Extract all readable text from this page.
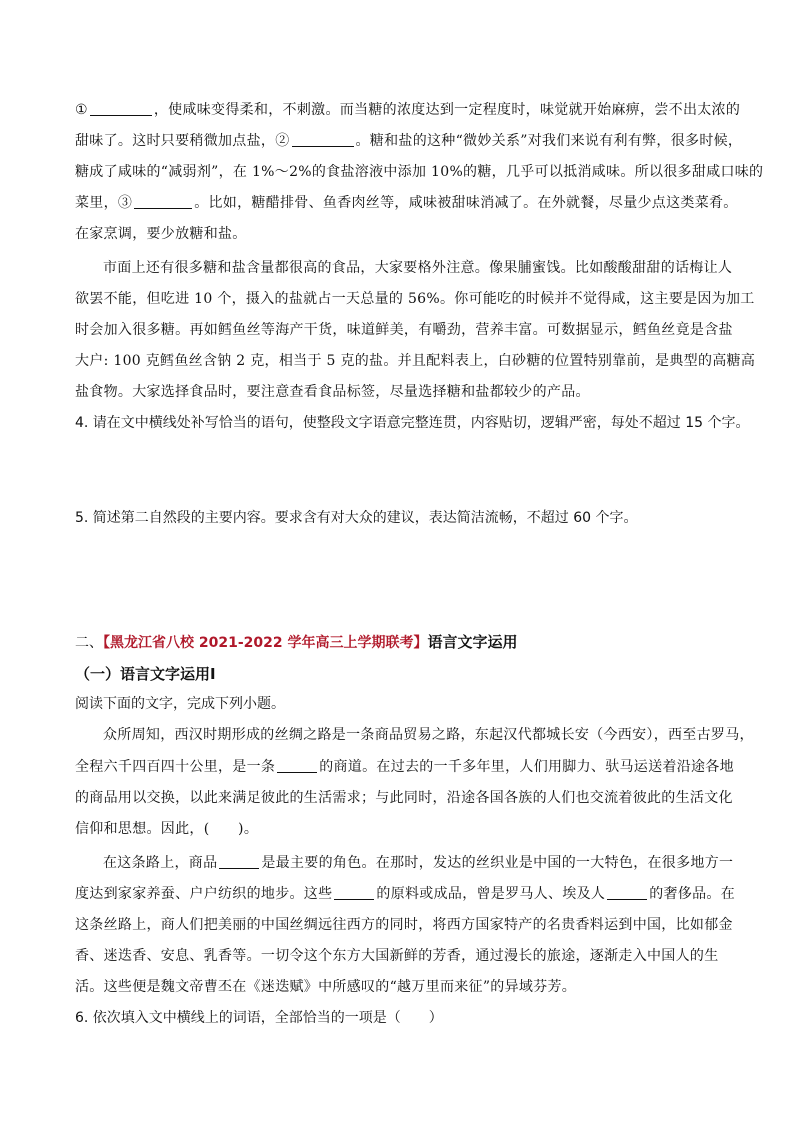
①	，使咸味变得柔和，不刺激。而当糖的浓度达到一定程度时，味觉就开始麻痹，尝不出太浓的
甜味了。这时只要稍微加点盐，②	。糖和盐的这种“微妙关系”对我们来说有利有弊，很多时候，
糖成了咸味的“减弱剂”，在 1%～2%的食盐溶液中添加 10%的糖，几乎可以抵消咸味。所以很多甜咸口味的
菜里，③	。比如，糖醋排骨、鱼香肉丝等，咸味被甜味消减了。在外就餐，尽量少点这类菜肴。
在家烹调，要少放糖和盐。
市面上还有很多糖和盐含量都很高的食品，大家要格外注意。像果脯蜜饯。比如酸酸甜甜的话梅让人
欲罢不能，但吃进 10 个，摄入的盐就占一天总量的 56%。你可能吃的时候并不觉得咸，这主要是因为加工
时会加入很多糖。再如鳕鱼丝等海产干货，味道鲜美，有嚼劲，营养丰富。可数据显示，鳕鱼丝竟是含盐
大户: 100 克鳕鱼丝含钠 2 克，相当于 5 克的盐。并且配料表上，白砂糖的位置特别靠前，是典型的高糖高
盐食物。大家选择食品时，要注意查看食品标签，尽量选择糖和盐都较少的产品。
4. 请在文中横线处补写恰当的语句，使整段文字语意完整连贯，内容贴切，逻辑严密，每处不超过 15 个字。
5. 简述第二自然段的主要内容。要求含有对大众的建议，表达简洁流畅，不超过 60 个字。
二、【黑龙江省八校 2021-2022 学年高三上学期联考】语言文字运用
（一）语言文字运用Ⅰ
阅读下面的文字，完成下列小题。
众所周知，西汉时期形成的丝绸之路是一条商品贸易之路，东起汉代都城长安（今西安），西至古罗马，
全程六千四百四十公里，是一条	的商道。在过去的一千多年里，人们用脚力、驮马运送着沿途各地
的商品用以交换，以此来满足彼此的生活需求；与此同时，沿途各国各族的人们也交流着彼此的生活文化
信仰和思想。因此，(　　)。
在这条路上，商品	是最主要的角色。在那时，发达的丝织业是中国的一大特色，在很多地方一
度达到家家养蚕、户户纺织的地步。这些	的原料或成品，曾是罗马人、埃及人	的奢侈品。在
这条丝路上，商人们把美丽的中国丝绸远往西方的同时，将西方国家特产的名贵香料运到中国，比如郁金
香、迷迭香、安息、乳香等。一切令这个东方大国新鲜的芳香，通过漫长的旅途，逐渐走入中国人的生
活。这些便是魏文帝曹丕在《迷迭赋》中所感叹的“越万里而来征”的异域芬芳。
6. 依次填入文中横线上的词语，全部恰当的一项是（　　）
